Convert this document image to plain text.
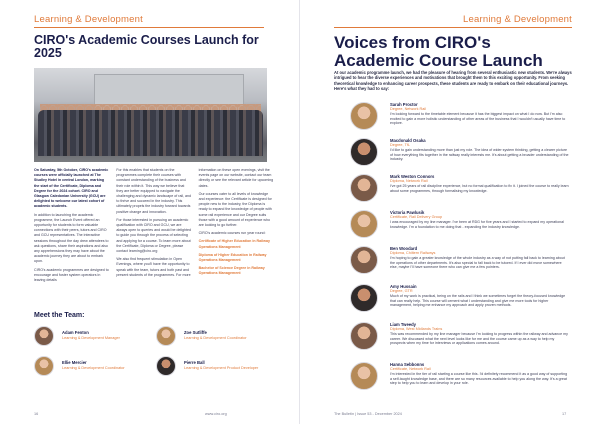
Learning & Development
CIRO's Academic Courses Launch for 2025

On Saturday, 5th October, CIRO's academic courses were officially launched at The Studley Hotel in central London, marking the start of the Certificate, Diploma and Degree for the 2024 cohort. CIRO and Glasgow Caledonian University (GCU) are delighted to welcome our latest cohort of academic students.

In addition to launching the academic programme, the Launch Event offered an opportunity for students to form valuable connections with their peers, tutors and CIRO and GCU representatives. The interactive sessions throughout the day drew attendees to ask questions, share their aspirations and also any apprehensions they may have about the academic journey they are about to embark upon.

CIRO's academic programmes are designed to encourage and foster system operators in leaving details

For this enables that students on the programmes complete their courses with constant understanding of the business and their role within it. This way we believe that they are better equipped to navigate the challenging and dynamic landscape of rail, and to thrive and succeed in the industry. This ultimately propels the industry forward towards positive change and innovation.

For those interested in pursuing an academic qualification with CIRO and GCU, we are always open to queries and would be delighted to guide you through the process of selecting and applying for a course. To learn more about the Certificate, Diploma or Degree, please contact learning@ciro.org

We also find frequent stimulation in Open Evenings, where you'll have the opportunity to speak with the team, tutors and both past and present students of the programmes. For more

information on these open evenings, visit the events page on our website, contact our team directly or see the relevant article for upcoming dates.

Our courses cater to all levels of knowledge and experience: the Certificate is designed for people new to the industry, the Diploma is ready to expand the knowledge of people with some rail experience and our Degree suits those with a good amount of experience who are looking to go further.

CIRO's academic courses run year round:

Certificate of Higher Education in Railway Operations Management

Diploma of Higher Education in Railway Operations Management

Bachelor of Science Degree in Railway Operations Management

Meet the Team:
Adam Fenton
Learning & Development Manager
Zoe Sutliffe
Learning & Development Coordinator
Ellie Mercier
Learning & Development Coordinator
Pierre Ball
Learning & Development Product Developer
16	www.ciro.org
Learning & Development
Voices from CIRO's Academic Course Launch
At our academic programme launch, we had the pleasure of hearing from several enthusiastic new students. We're always intrigued to hear the diverse experiences and motivations that brought them to this exciting opportunity. From seeking theoretical knowledge to enhancing career prospects, these students are ready to embark on their educational journeys. Here's what they had to say:
Sarah Proctor
Degree, Network Rail
I'm looking forward to the timetable element because it has the biggest impact on what I do now. But I'm also excited to gain a more holistic understanding of other areas of the business that I wouldn't usually have time to explore.
Macdonald Osaka
Degree, TfL
I'd like to gain understanding more than just my role. The idea of wider system thinking, getting a clearer picture of how everything fits together in the railway really interests me. It's about getting a broader understanding of the industry.
Mark Weston Connors
Diploma, Network Rail
I've got 25 years of rail discipline experience, but no formal qualification to fix it. I joined the course to really learn about some programmes, through formalising my knowledge.
Victoria Pawlusik
Certificate, Rail Delivery Group
I was encouraged by my line manager. I've been at RDG for five years and I started to expand my operational knowledge. I'm a foundation to me doing that - expanding the industry knowledge.
Ben Woodard
Diploma, Chiltern Railways
I'm hoping to gain a greater knowledge of the whole industry as a way of not putting fall back to learning about the operations of other departments. It's also special to fall back to be tutored. If I ever did move somewhere else, maybe I'll have someone there who can give me a few pointers.
Amy Hussain
Degree, GTR
Much of my work is practical, being on the rails and I think we sometimes forget the theory-focused knowledge that can really help. This course will cement what I understanding and give me more tools for higher management, helping me enhance my approach and apply proven methods.
Liam Tweedy
Diploma, West Midlands Trains
This was recommended by my line manager because I'm looking to progress within the railway and advance my career. We discussed what the next level looks like for me and the course came up as a way to help my prospects when my time for interviews or applications comes around.
Hanna Sebbonns
Certificate, Network Rail
I'm interested in the tier of rail starting a course like this. I'd definitely recommend it as a good way of supporting a self-taught knowledge base, and there are so many resources available to help you along the way. It's a great step to help you to learn and develop in your role.
The Bulletin | Issue 53 - December 2024	17
